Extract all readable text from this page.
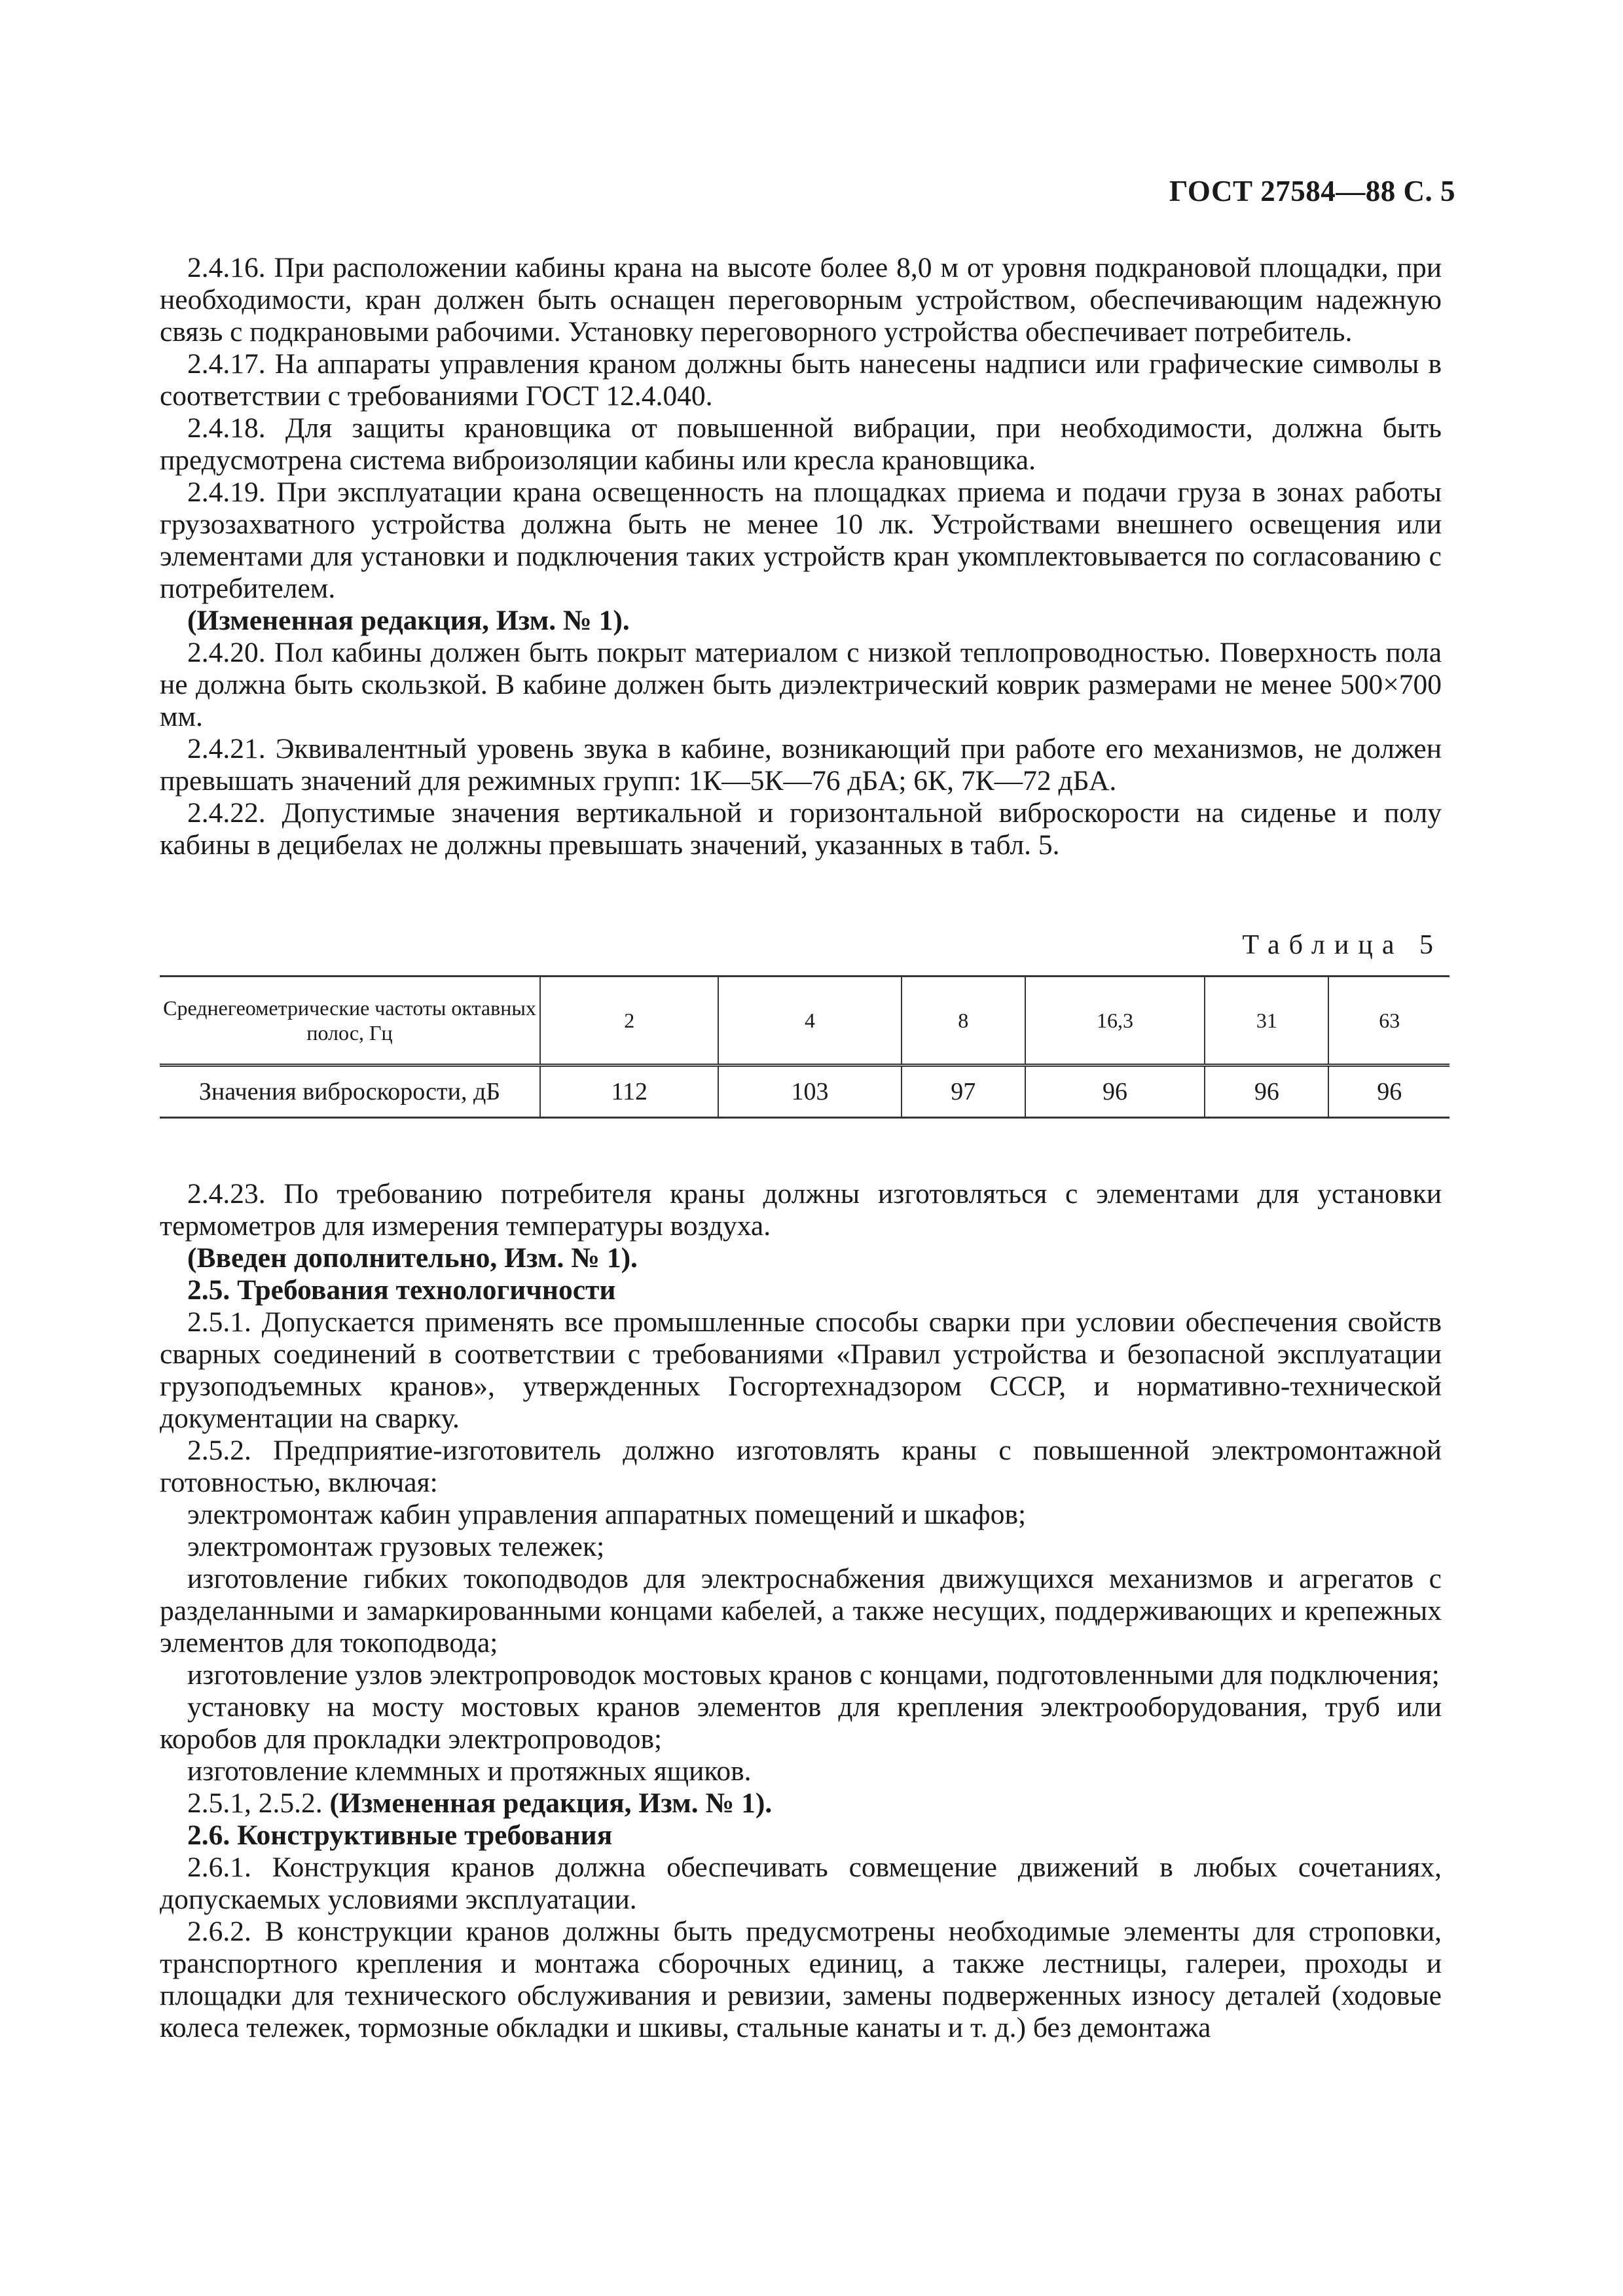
ГОСТ 27584—88 С. 5

2.4.16. При расположении кабины крана на высоте более 8,0 м от уровня подкрановой площадки, при необходимости, кран должен быть оснащен переговорным устройством, обеспечивающим надежную связь с подкрановыми рабочими. Установку переговорного устройства обеспечивает потребитель.

2.4.17. На аппараты управления краном должны быть нанесены надписи или графические символы в соответствии с требованиями ГОСТ 12.4.040.

2.4.18. Для защиты крановщика от повышенной вибрации, при необходимости, должна быть предусмотрена система виброизоляции кабины или кресла крановщика.

2.4.19. При эксплуатации крана освещенность на площадках приема и подачи груза в зонах работы грузозахватного устройства должна быть не менее 10 лк. Устройствами внешнего освещения или элементами для установки и подключения таких устройств кран укомплектовывается по согласованию с потребителем.

(Измененная редакция, Изм. № 1).

2.4.20. Пол кабины должен быть покрыт материалом с низкой теплопроводностью. Поверхность пола не должна быть скользкой. В кабине должен быть диэлектрический коврик размерами не менее 500×700 мм.

2.4.21. Эквивалентный уровень звука в кабине, возникающий при работе его механизмов, не должен превышать значений для режимных групп: 1К—5К—76 дБА; 6К, 7К—72 дБА.

2.4.22. Допустимые значения вертикальной и горизонтальной виброскорости на сиденье и полу кабины в децибелах не должны превышать значений, указанных в табл. 5.

Таблица 5
Среднегеометрические частоты октавных полос, Гц	2	4	8	16,3	31	63
Значения виброскорости, дБ	112	103	97	96	96	96

2.4.23. По требованию потребителя краны должны изготовляться с элементами для установки термометров для измерения температуры воздуха.

(Введен дополнительно, Изм. № 1).

2.5. Требования технологичности

2.5.1. Допускается применять все промышленные способы сварки при условии обеспечения свойств сварных соединений в соответствии с требованиями «Правил устройства и безопасной эксплуатации грузоподъемных кранов», утвержденных Госгортехнадзором СССР, и нормативно-технической документации на сварку.

2.5.2. Предприятие-изготовитель должно изготовлять краны с повышенной электромонтажной готовностью, включая:

электромонтаж кабин управления аппаратных помещений и шкафов;

электромонтаж грузовых тележек;

изготовление гибких токоподводов для электроснабжения движущихся механизмов и агрегатов с разделанными и замаркированными концами кабелей, а также несущих, поддерживающих и крепежных элементов для токоподвода;

изготовление узлов электропроводок мостовых кранов с концами, подготовленными для подключения;

установку на мосту мостовых кранов элементов для крепления электрооборудования, труб или коробов для прокладки электропроводов;

изготовление клеммных и протяжных ящиков.

2.5.1, 2.5.2. (Измененная редакция, Изм. № 1).

2.6. Конструктивные требования

2.6.1. Конструкция кранов должна обеспечивать совмещение движений в любых сочетаниях, допускаемых условиями эксплуатации.

2.6.2. В конструкции кранов должны быть предусмотрены необходимые элементы для строповки, транспортного крепления и монтажа сборочных единиц, а также лестницы, галереи, проходы и площадки для технического обслуживания и ревизии, замены подверженных износу деталей (ходовые колеса тележек, тормозные обкладки и шкивы, стальные канаты и т. д.) без демонтажа
